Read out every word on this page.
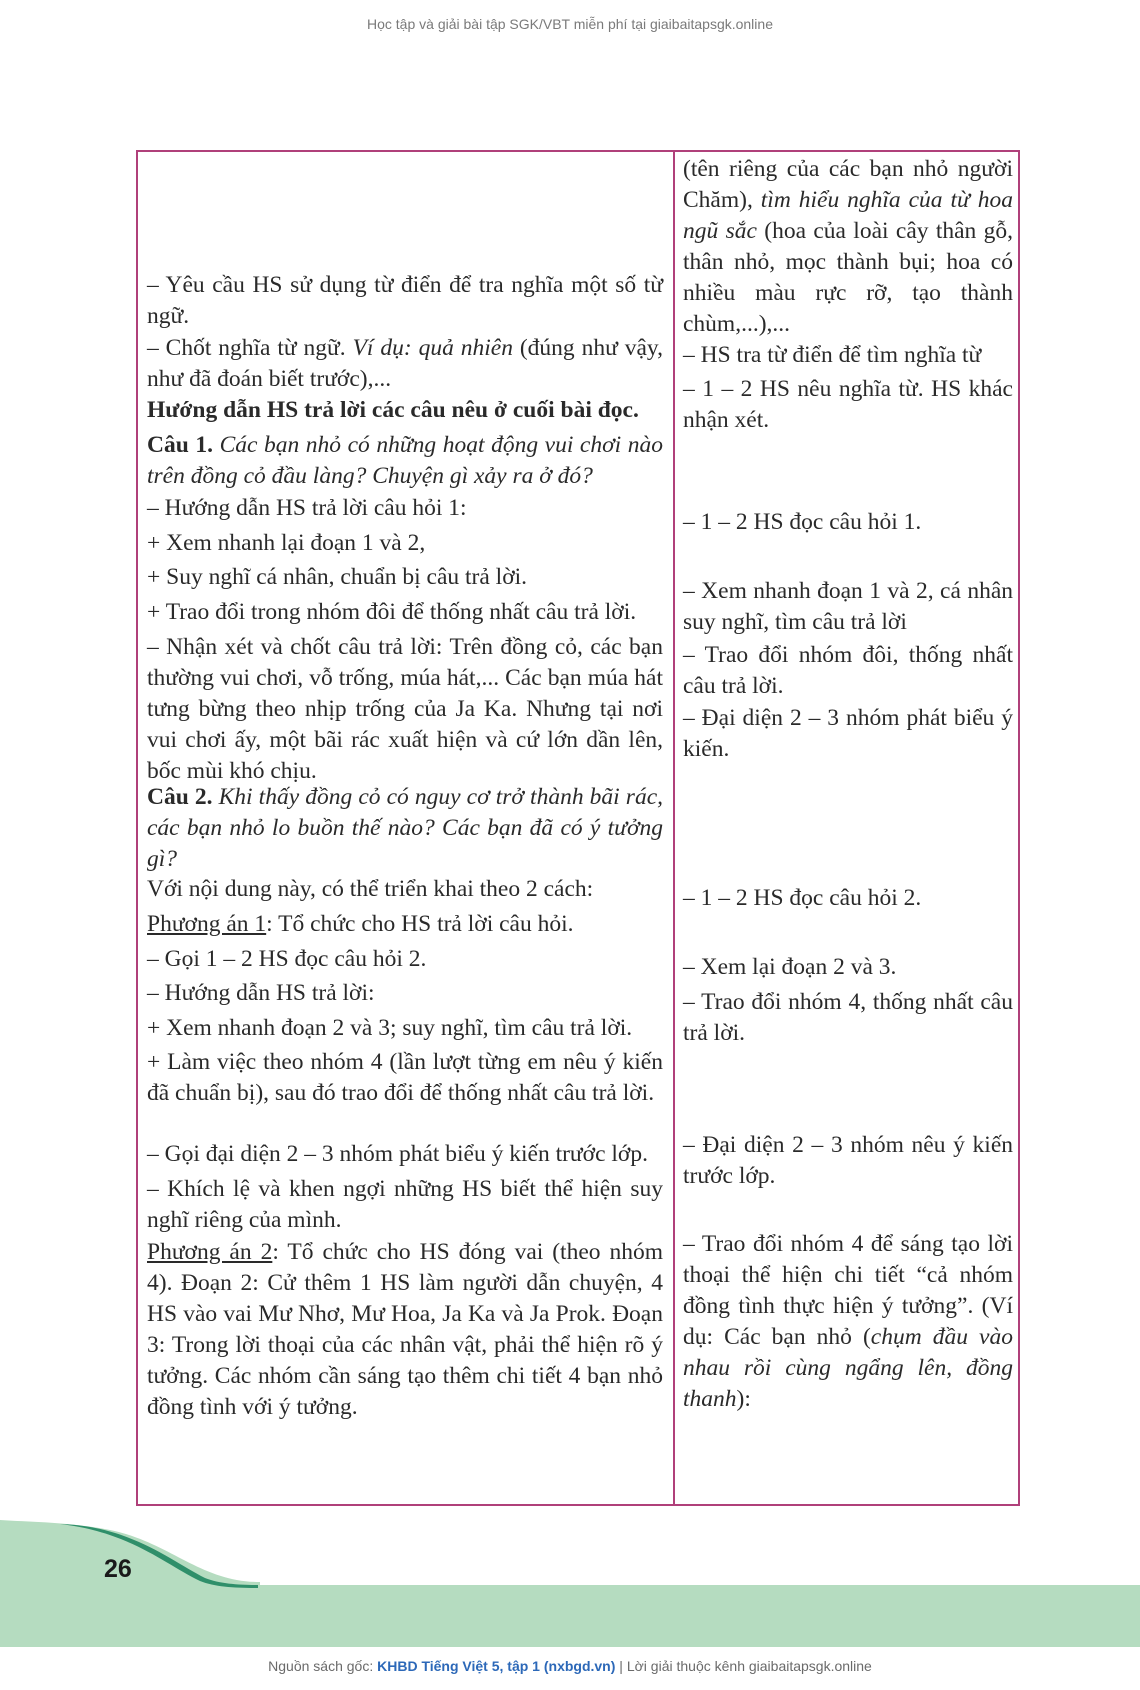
Học tập và giải bài tập SGK/VBT miễn phí tại giaibaitapsgk.online

– Yêu cầu HS sử dụng từ điển để tra nghĩa một số từ ngữ.

– Chốt nghĩa từ ngữ. Ví dụ: quả nhiên (đúng như vậy, như đã đoán biết trước),...

Hướng dẫn HS trả lời các câu nêu ở cuối bài đọc.

Câu 1. Các bạn nhỏ có những hoạt động vui chơi nào trên đồng cỏ đầu làng? Chuyện gì xảy ra ở đó?

– Hướng dẫn HS trả lời câu hỏi 1:

+ Xem nhanh lại đoạn 1 và 2,

+ Suy nghĩ cá nhân, chuẩn bị câu trả lời.

+ Trao đổi trong nhóm đôi để thống nhất câu trả lời.

– Nhận xét và chốt câu trả lời: Trên đồng cỏ, các bạn thường vui chơi, vỗ trống, múa hát,... Các bạn múa hát tưng bừng theo nhịp trống của Ja Ka. Nhưng tại nơi vui chơi ấy, một bãi rác xuất hiện và cứ lớn dần lên, bốc mùi khó chịu.

Câu 2. Khi thấy đồng cỏ có nguy cơ trở thành bãi rác, các bạn nhỏ lo buồn thế nào? Các bạn đã có ý tưởng gì?

Với nội dung này, có thể triển khai theo 2 cách:

Phương án 1: Tổ chức cho HS trả lời câu hỏi.

– Gọi 1 – 2 HS đọc câu hỏi 2.

– Hướng dẫn HS trả lời:

+ Xem nhanh đoạn 2 và 3; suy nghĩ, tìm câu trả lời.

+ Làm việc theo nhóm 4 (lần lượt từng em nêu ý kiến đã chuẩn bị), sau đó trao đổi để thống nhất câu trả lời.

– Gọi đại diện 2 – 3 nhóm phát biểu ý kiến trước lớp.

– Khích lệ và khen ngợi những HS biết thể hiện suy nghĩ riêng của mình.

Phương án 2: Tổ chức cho HS đóng vai (theo nhóm 4). Đoạn 2: Cử thêm 1 HS làm người dẫn chuyện, 4 HS vào vai Mư Nhơ, Mư Hoa, Ja Ka và Ja Prok. Đoạn 3: Trong lời thoại của các nhân vật, phải thể hiện rõ ý tưởng. Các nhóm cần sáng tạo thêm chi tiết 4 bạn nhỏ đồng tình với ý tưởng.

(tên riêng của các bạn nhỏ người Chăm), tìm hiểu nghĩa của từ hoa ngũ sắc (hoa của loài cây thân gỗ, thân nhỏ, mọc thành bụi; hoa có nhiều màu rực rỡ, tạo thành chùm,...),...

– HS tra từ điển để tìm nghĩa từ

– 1 – 2 HS nêu nghĩa từ. HS khác nhận xét.

– 1 – 2 HS đọc câu hỏi 1.

– Xem nhanh đoạn 1 và 2, cá nhân suy nghĩ, tìm câu trả lời

– Trao đổi nhóm đôi, thống nhất câu trả lời.

– Đại diện 2 – 3 nhóm phát biểu ý kiến.

– 1 – 2 HS đọc câu hỏi 2.

– Xem lại đoạn 2 và 3.

– Trao đổi nhóm 4, thống nhất câu trả lời.

– Đại diện 2 – 3 nhóm nêu ý kiến trước lớp.

– Trao đổi nhóm 4 để sáng tạo lời thoại thể hiện chi tiết “cả nhóm đồng tình thực hiện ý tưởng”. (Ví dụ: Các bạn nhỏ (chụm đầu vào nhau rồi cùng ngẩng lên, đồng thanh):

26
Nguồn sách gốc: KHBD Tiếng Việt 5, tập 1 (nxbgd.vn) | Lời giải thuộc kênh giaibaitapsgk.online
